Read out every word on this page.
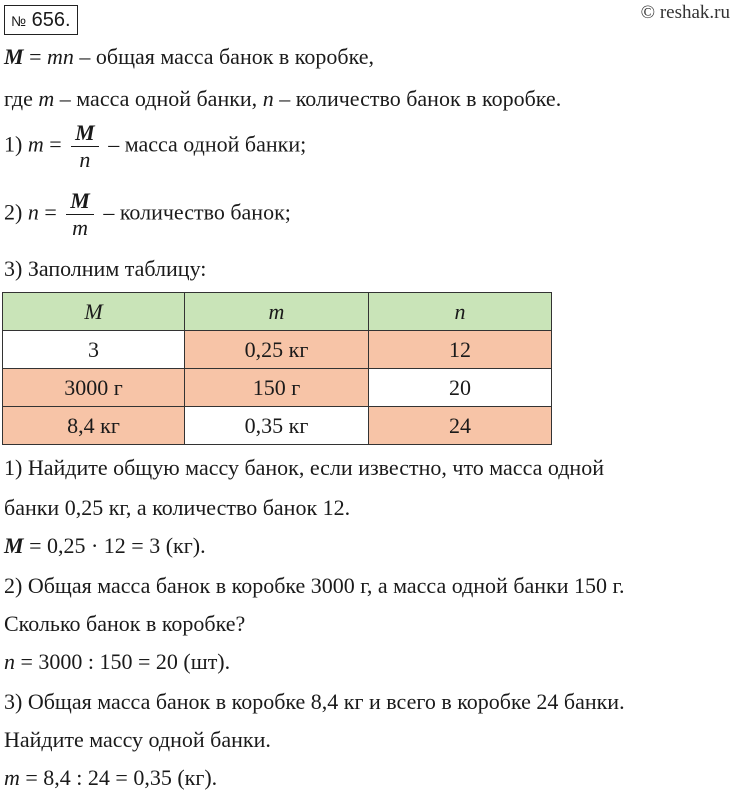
№ 656.	© reshak.ru
M = mn – общая масса банок в коробке,
где m – масса одной банки, n – количество банок в коробке.
1) $m = \frac{M}{n}$ – масса одной банки;
2) $n = \frac{M}{m}$ – количество банок;
3) Заполним таблицу:
M	m	n
3	0,25 кг	12
3000 г	150 г	20
8,4 кг	0,35 кг	24
1) Найдите общую массу банок, если известно, что масса одной
банки 0,25 кг, а количество банок 12.
M = 0,25 · 12 = 3 (кг).
2) Общая масса банок в коробке 3000 г, а масса одной банки 150 г.
Сколько банок в коробке?
n = 3000 : 150 = 20 (шт).
3) Общая масса банок в коробке 8,4 кг и всего в коробке 24 банки.
Найдите массу одной банки.
m = 8,4 : 24 = 0,35 (кг).
